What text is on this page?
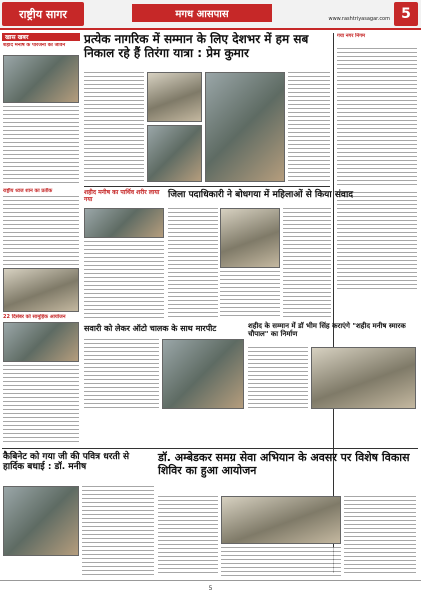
राष्ट्रीय सागर	मगध आसपास	www.rashtriyasagar.com 5
खास खबर
शहीद मनीष के परिजनों का जीवन
राष्ट्रीय ध्वज शान का प्रतीक
22 दिसंबर को सामूहिक आयोजन
प्रत्येक नागरिक में सम्मान के लिए देशभर में हम सब निकाल रहे हैं तिरंगा यात्रा : प्रेम कुमार
गया नगर निगम
शहीद मनीष का पार्थिव शरीर लाया गया	जिला पदाधिकारी ने बोधगया में महिलाओं से किया संवाद
सवारी को लेकर ऑटो चालक के साथ मारपीट	शहीद के सम्मान में डॉ भीम सिंह कराएंगे "शहीद मनीष स्मारक चौपाल" का निर्माण
कैबिनेट को गया जी की पवित्र धरती से हार्दिक बधाई : डॉ. मनीष
डॉ. अम्बेडकर समग्र सेवा अभियान के अवसर पर विशेष विकास शिविर का हुआ आयोजन
5
